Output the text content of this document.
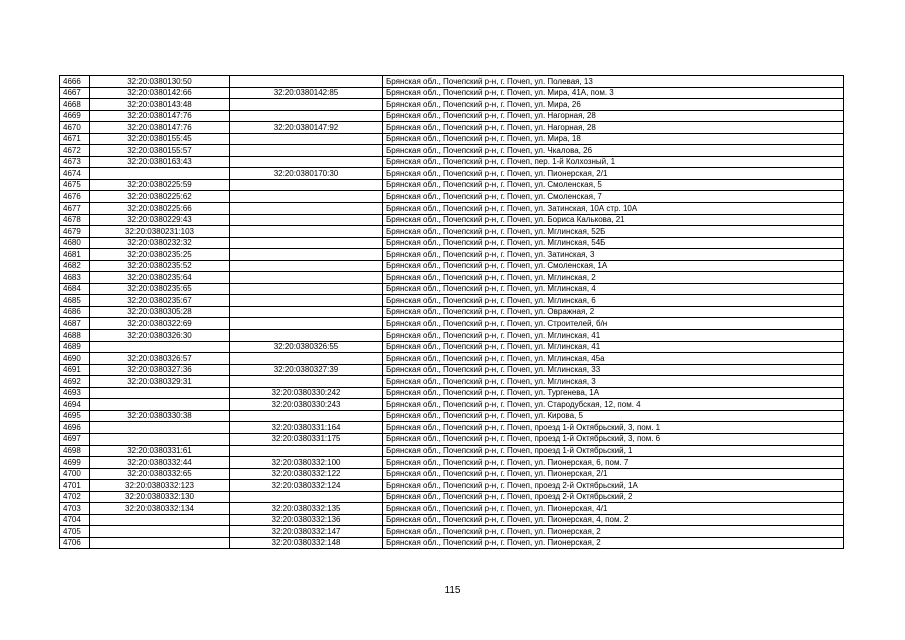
4666	32:20:0380130:50		Брянская обл., Почепский р-н, г. Почеп, ул. Полевая, 13
4667	32:20:0380142:66	32:20:0380142:85	Брянская обл., Почепский р-н, г. Почеп, ул. Мира, 41А, пом. 3
4668	32:20:0380143:48		Брянская обл., Почепский р-н, г. Почеп, ул. Мира, 26
4669	32:20:0380147:76		Брянская обл., Почепский р-н, г. Почеп, ул. Нагорная, 28
4670	32:20:0380147:76	32:20:0380147:92	Брянская обл., Почепский р-н, г. Почеп, ул. Нагорная, 28
4671	32:20:0380155:45		Брянская обл., Почепский р-н, г. Почеп, ул. Мира, 18
4672	32:20:0380155:57		Брянская обл., Почепский р-н, г. Почеп, ул. Чкалова, 26
4673	32:20:0380163:43		Брянская обл., Почепский р-н, г. Почеп, пер. 1-й Колхозный, 1
4674		32:20:0380170:30	Брянская обл., Почепский р-н, г. Почеп, ул. Пионерская, 2/1
4675	32:20:0380225:59		Брянская обл., Почепский р-н, г. Почеп, ул. Смоленская, 5
4676	32:20:0380225:62		Брянская обл., Почепский р-н, г. Почеп, ул. Смоленская, 7
4677	32:20:0380225:66		Брянская обл., Почепский р-н, г. Почеп, ул. Затинская, 10А стр. 10А
4678	32:20:0380229:43		Брянская обл., Почепский р-н, г. Почеп, ул. Бориса Калькова, 21
4679	32:20:0380231:103		Брянская обл., Почепский р-н, г. Почеп, ул. Мглинская, 52Б
4680	32:20:0380232:32		Брянская обл., Почепский р-н, г. Почеп, ул. Мглинская, 54Б
4681	32:20:0380235:25		Брянская обл., Почепский р-н, г. Почеп, ул. Затинская, 3
4682	32:20:0380235:52		Брянская обл., Почепский р-н, г. Почеп, ул. Смоленская, 1А
4683	32:20:0380235:64		Брянская обл., Почепский р-н, г. Почеп, ул. Мглинская, 2
4684	32:20:0380235:65		Брянская обл., Почепский р-н, г. Почеп, ул. Мглинская, 4
4685	32:20:0380235:67		Брянская обл., Почепский р-н, г. Почеп, ул. Мглинская, 6
4686	32:20:0380305:28		Брянская обл., Почепский р-н, г. Почеп, ул. Овражная, 2
4687	32:20:0380322:69		Брянская обл., Почепский р-н, г. Почеп, ул. Строителей, б/н
4688	32:20:0380326:30		Брянская обл., Почепский р-н, г. Почеп, ул. Мглинская, 41
4689		32:20:0380326:55	Брянская обл., Почепский р-н, г. Почеп, ул. Мглинская, 41
4690	32:20:0380326:57		Брянская обл., Почепский р-н, г. Почеп, ул. Мглинская, 45а
4691	32:20:0380327:36	32:20:0380327:39	Брянская обл., Почепский р-н, г. Почеп, ул. Мглинская, 33
4692	32:20:0380329:31		Брянская обл., Почепский р-н, г. Почеп, ул. Мглинская, 3
4693		32:20:0380330:242	Брянская обл., Почепский р-н, г. Почеп, ул. Тургенева, 1А
4694		32:20:0380330:243	Брянская обл., Почепский р-н, г. Почеп, ул. Стародубская, 12, пом. 4
4695	32:20:0380330:38		Брянская обл., Почепский р-н, г. Почеп, ул. Кирова, 5
4696		32:20:0380331:164	Брянская обл., Почепский р-н, г. Почеп, проезд 1-й Октябрьский, 3, пом. 1
4697		32:20:0380331:175	Брянская обл., Почепский р-н, г. Почеп, проезд 1-й Октябрьский, 3, пом. 6
4698	32:20:0380331:61		Брянская обл., Почепский р-н, г. Почеп, проезд 1-й Октябрьский, 1
4699	32:20:0380332:44	32:20:0380332:100	Брянская обл., Почепский р-н, г. Почеп, ул. Пионерская, 6, пом. 7
4700	32:20:0380332:65	32:20:0380332:122	Брянская обл., Почепский р-н, г. Почеп, ул. Пионерская, 2/1
4701	32:20:0380332:123	32:20:0380332:124	Брянская обл., Почепский р-н, г. Почеп, проезд 2-й Октябрьский, 1А
4702	32:20:0380332:130		Брянская обл., Почепский р-н, г. Почеп, проезд 2-й Октябрьский, 2
4703	32:20:0380332:134	32:20:0380332:135	Брянская обл., Почепский р-н, г. Почеп, ул. Пионерская, 4/1
4704		32:20:0380332:136	Брянская обл., Почепский р-н, г. Почеп, ул. Пионерская, 4, пом. 2
4705		32:20:0380332:147	Брянская обл., Почепский р-н, г. Почеп, ул. Пионерская, 2
4706		32:20:0380332:148	Брянская обл., Почепский р-н, г. Почеп, ул. Пионерская, 2
115
